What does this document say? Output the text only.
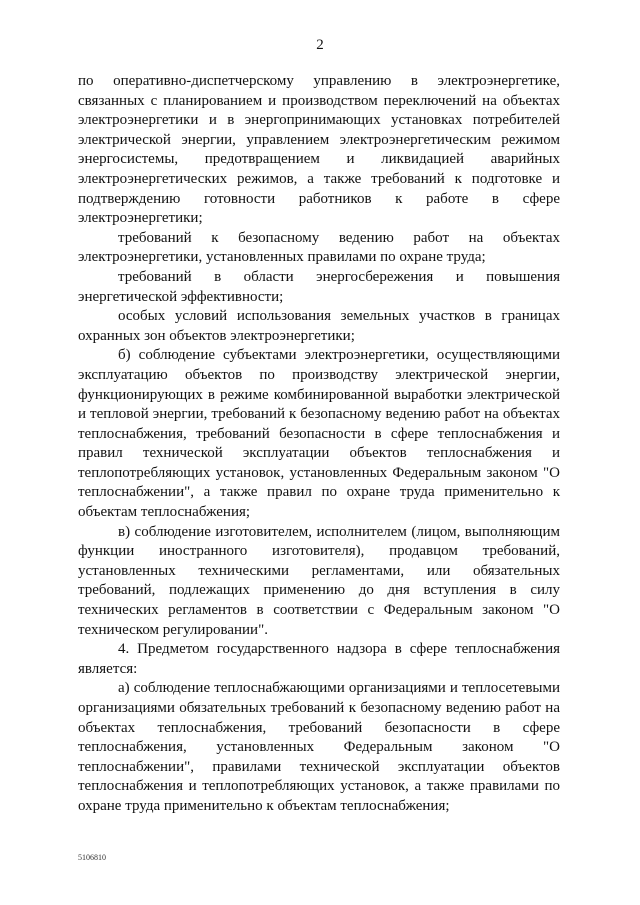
2

по оперативно-диспетчерскому управлению в электроэнергетике, связанных с планированием и производством переключений на объектах электроэнергетики и в энергопринимающих установках потребителей электрической энергии, управлением электроэнергетическим режимом энергосистемы, предотвращением и ликвидацией аварийных электроэнергетических режимов, а также требований к подготовке и подтверждению готовности работников к работе в сфере электроэнергетики;

требований к безопасному ведению работ на объектах электроэнергетики, установленных правилами по охране труда;

требований в области энергосбережения и повышения энергетической эффективности;

особых условий использования земельных участков в границах охранных зон объектов электроэнергетики;

б) соблюдение субъектами электроэнергетики, осуществляющими эксплуатацию объектов по производству электрической энергии, функционирующих в режиме комбинированной выработки электрической и тепловой энергии, требований к безопасному ведению работ на объектах теплоснабжения, требований безопасности в сфере теплоснабжения и правил технической эксплуатации объектов теплоснабжения и теплопотребляющих установок, установленных Федеральным законом "О теплоснабжении", а также правил по охране труда применительно к объектам теплоснабжения;

в) соблюдение изготовителем, исполнителем (лицом, выполняющим функции иностранного изготовителя), продавцом требований, установленных техническими регламентами, или обязательных требований, подлежащих применению до дня вступления в силу технических регламентов в соответствии с Федеральным законом "О техническом регулировании".

4. Предметом государственного надзора в сфере теплоснабжения является:

а) соблюдение теплоснабжающими организациями и теплосетевыми организациями обязательных требований к безопасному ведению работ на объектах теплоснабжения, требований безопасности в сфере теплоснабжения, установленных Федеральным законом "О теплоснабжении", правилами технической эксплуатации объектов теплоснабжения и теплопотребляющих установок, а также правилами по охране труда применительно к объектам теплоснабжения;

5106810
